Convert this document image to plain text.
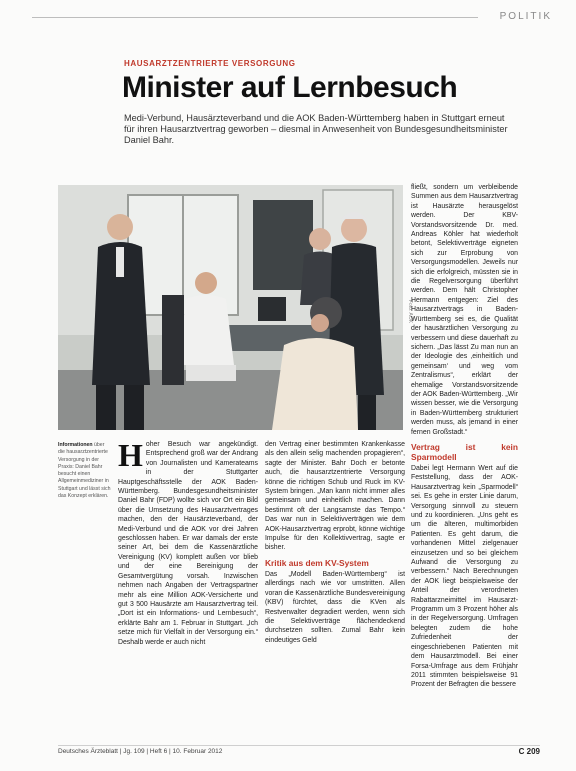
POLITIK
HAUSARZTZENTRIERTE VERSORGUNG
Minister auf Lernbesuch

Medi-Verbund, Hausärzteverband und die AOK Baden-Württemberg haben in Stuttgart erneut für ihren Hausarztvertrag geworben – diesmal in Anwesenheit von Bundesgesundheitsminister Daniel Bahr.

Foto: AOK

Informationen über die hausarztzentrierte Versorgung in der Praxis: Daniel Bahr besucht einen Allgemeinmediziner in Stuttgart und lässt sich das Konzept erklären.

H oher Besuch war angekündigt. Entsprechend groß war der Andrang von Journalisten und Kamerateams in der Stuttgarter Hauptgeschäftsstelle der AOK Baden-Württemberg. Bundesgesundheitsminister Daniel Bahr (FDP) wollte sich vor Ort ein Bild über die Umsetzung des Hausarztvertrages machen, den der Hausärzteverband, der Medi-Verbund und die AOK vor drei Jahren geschlossen haben. Er war damals der erste seiner Art, bei dem die Kassenärztliche Vereinigung (KV) komplett außen vor blieb und der eine Bereinigung der Gesamtvergütung vorsah. Inzwischen nehmen nach Angaben der Vertragspartner mehr als eine Million AOK-Versicherte und gut 3 500 Hausärzte am Hausarztvertrag teil. „Dort ist ein Informations- und Lernbesuch“, erklärte Bahr am 1. Februar in Stuttgart. „Ich setze mich für Vielfalt in der Versorgung ein.“ Deshalb werde er auch nicht

den Vertrag einer bestimmten Krankenkasse als den allein selig machenden propagieren“, sagte der Minister. Bahr Doch er betonte auch, die hausarztzentrierte Versorgung könne die richtigen Schub und Ruck im KV-System bringen. „Man kann nicht immer alles gemeinsam und einheitlich machen. Dann bestimmt oft der Langsamste das Tempo.“ Das war nun in Selektivverträgen wie dem AOK-Hausarztvertrag erprobt, könne wichtige Impulse für den Kollektivvertrag, sagte er bisher.

Kritik aus dem KV-System

Das „Modell Baden-Württemberg“ ist allerdings nach wie vor umstritten. Allen voran die Kassenärztliche Bundesvereinigung (KBV) fürchtet, dass die KVen als Restverwalter degradiert werden, wenn sich die Selektivverträge flächendeckend durchsetzen sollten. Zumal Bahr kein eindeutiges Geld

fließt, sondern um verbleibende Summen aus dem Hausarztvertrag ist Hausärzte herausgelöst werden. Der KBV-Vorstandsvorsitzende Dr. med. Andreas Köhler hat wiederholt betont, Selektivverträge eigneten sich zur Erprobung von Versorgungsmodellen. Jeweils nur sich die erfolgreich, müssten sie in die Regelversorgung überführt werden. Dem hält Christopher Hermann entgegen: Ziel des Hausarztvertrags in Baden-Württemberg sei es, die Qualität der hausärztlichen Versorgung zu verbessern und diese dauerhaft zu sichern. „Das lässt Zu man nun an der Ideologie des ‚einheitlich und gemeinsam‘ und weg vom Zentralismus“, erklärt der ehemalige Vorstandsvorsitzende der AOK Baden-Württemberg. „Wir wissen besser, wie die Versorgung in Baden-Württemberg strukturiert werden muss, als jemand in einer fernen Großstadt.“

Vertrag ist kein Sparmodell

Dabei legt Hermann Wert auf die Feststellung, dass der AOK-Hausarztvertrag kein „Sparmodell“ sei. Es gehe in erster Linie darum, Versorgung sinnvoll zu steuern und zu koordinieren. „Uns geht es um die älteren, multimorbiden Patienten. Es geht darum, die vorhandenen Mittel zielgenauer einzusetzen und so bei gleichem Aufwand die Versorgung zu verbessern.“ Nach Berechnungen der AOK liegt beispielsweise der Anteil der verordneten Rabattarzneimittel im Hausarzt-Programm um 3 Prozent höher als in der Regelversorgung. Umfragen belegten zudem die hohe Zufriedenheit der eingeschriebenen Patienten mit dem Hausarztmodell. Bei einer Forsa-Umfrage aus dem Frühjahr 2011 stimmten beispielsweise 91 Prozent der Befragten die bessere

Deutsches Ärzteblatt | Jg. 109 | Heft 6 | 10. Februar 2012	C 209
